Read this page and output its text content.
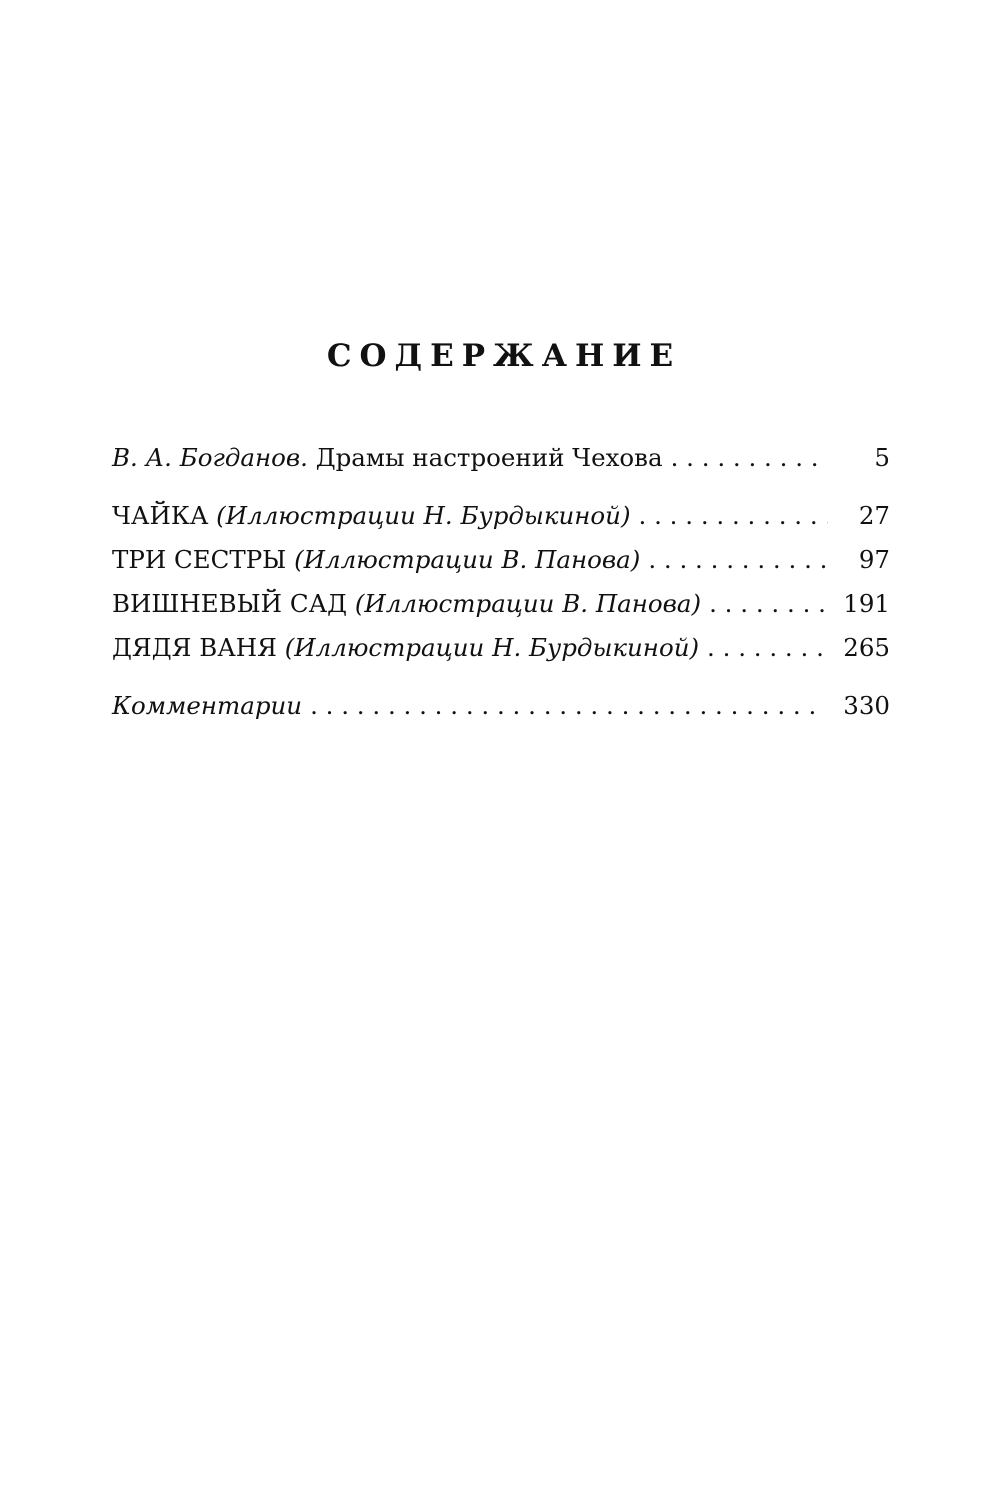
СОДЕРЖАНИЕ
В. А. Богданов. Драмы настроений Чехова . . .	5
ЧАЙКА (Иллюстрации Н. Бурдыкиной) . . .	27
ТРИ СЕСТРЫ (Иллюстрации В. Панова) . . .	97
ВИШНЕВЫЙ САД (Иллюстрации В. Панова) . . .	191
ДЯДЯ ВАНЯ (Иллюстрации Н. Бурдыкиной) . . .	265
Комментарии . . .	330
